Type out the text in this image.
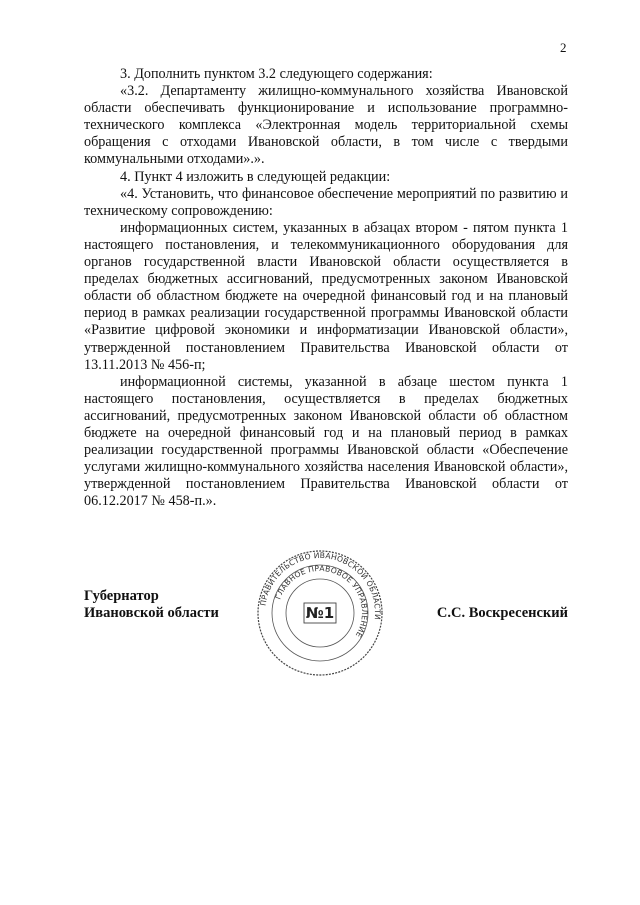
2

3. Дополнить пунктом 3.2 следующего содержания:

«3.2. Департаменту жилищно-коммунального хозяйства Ивановской области обеспечивать функционирование и использование программно-технического комплекса «Электронная модель территориальной схемы обращения с отходами Ивановской области, в том числе с твердыми коммунальными отходами».».

4. Пункт 4 изложить в следующей редакции:

«4. Установить, что финансовое обеспечение мероприятий по развитию и техническому сопровождению:

информационных систем, указанных в абзацах втором - пятом пункта 1 настоящего постановления, и телекоммуникационного оборудования для органов государственной власти Ивановской области осуществляется в пределах бюджетных ассигнований, предусмотренных законом Ивановской области об областном бюджете на очередной финансовый год и на плановый период в рамках реализации государственной программы Ивановской области «Развитие цифровой экономики и информатизации Ивановской области», утвержденной постановлением Правительства Ивановской области от 13.11.2013 № 456-п;

информационной системы, указанной в абзаце шестом пункта 1 настоящего постановления, осуществляется в пределах бюджетных ассигнований, предусмотренных законом Ивановской области об областном бюджете на очередной финансовый год и на плановый период в рамках реализации государственной программы Ивановской области «Обеспечение услугами жилищно-коммунального хозяйства населения Ивановской области», утвержденной постановлением Правительства Ивановской области от 06.12.2017 № 458-п.».

Губернатор
Ивановской области	С.С. Воскресенский
ПРАВИТЕЛЬСТВО ИВАНОВСКОЙ ОБЛАСТИ
ГЛАВНОЕ ПРАВОВОЕ УПРАВЛЕНИЕ
№1
